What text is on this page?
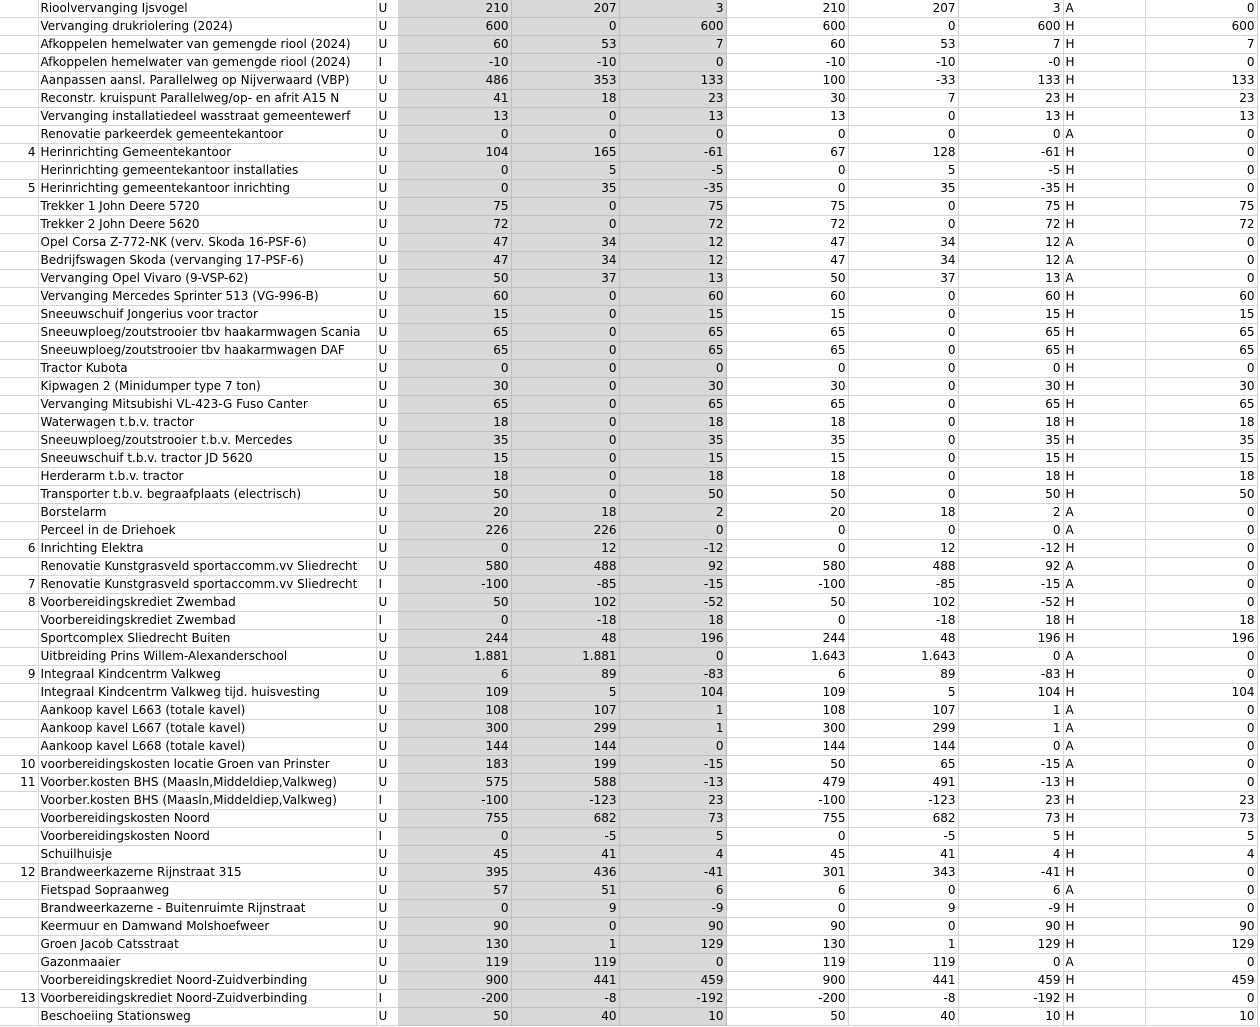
	Rioolvervanging Ijsvogel	U	210	207	3	210	207	3	A	0
	Vervanging drukriolering (2024)	U	600	0	600	600	0	600	H	600
	Afkoppelen hemelwater van gemengde riool (2024)	U	60	53	7	60	53	7	H	7
	Afkoppelen hemelwater van gemengde riool (2024)	I	-10	-10	0	-10	-10	-0	H	0
	Aanpassen aansl. Parallelweg op Nijverwaard (VBP)	U	486	353	133	100	-33	133	H	133
	Reconstr. kruispunt Parallelweg/op- en afrit A15 N	U	41	18	23	30	7	23	H	23
	Vervanging installatiedeel wasstraat gemeentewerf	U	13	0	13	13	0	13	H	13
	Renovatie parkeerdek gemeentekantoor	U	0	0	0	0	0	0	A	0
4	Herinrichting Gemeentekantoor	U	104	165	-61	67	128	-61	H	0
	Herinrichting gemeentekantoor installaties	U	0	5	-5	0	5	-5	H	0
5	Herinrichting gemeentekantoor inrichting	U	0	35	-35	0	35	-35	H	0
	Trekker 1 John Deere 5720	U	75	0	75	75	0	75	H	75
	Trekker 2 John Deere 5620	U	72	0	72	72	0	72	H	72
	Opel Corsa Z-772-NK (verv. Skoda 16-PSF-6)	U	47	34	12	47	34	12	A	0
	Bedrijfswagen Skoda (vervanging 17-PSF-6)	U	47	34	12	47	34	12	A	0
	Vervanging Opel Vivaro (9-VSP-62)	U	50	37	13	50	37	13	A	0
	Vervanging Mercedes Sprinter 513 (VG-996-B)	U	60	0	60	60	0	60	H	60
	Sneeuwschuif Jongerius voor tractor	U	15	0	15	15	0	15	H	15
	Sneeuwploeg/zoutstrooier tbv haakarmwagen Scania	U	65	0	65	65	0	65	H	65
	Sneeuwploeg/zoutstrooier tbv haakarmwagen DAF	U	65	0	65	65	0	65	H	65
	Tractor Kubota	U	0	0	0	0	0	0	H	0
	Kipwagen 2 (Minidumper type 7 ton)	U	30	0	30	30	0	30	H	30
	Vervanging Mitsubishi VL-423-G Fuso Canter	U	65	0	65	65	0	65	H	65
	Waterwagen t.b.v. tractor	U	18	0	18	18	0	18	H	18
	Sneeuwploeg/zoutstrooier t.b.v. Mercedes	U	35	0	35	35	0	35	H	35
	Sneeuwschuif t.b.v. tractor JD 5620	U	15	0	15	15	0	15	H	15
	Herderarm t.b.v. tractor	U	18	0	18	18	0	18	H	18
	Transporter t.b.v. begraafplaats (electrisch)	U	50	0	50	50	0	50	H	50
	Borstelarm	U	20	18	2	20	18	2	A	0
	Perceel in de Driehoek	U	226	226	0	0	0	0	A	0
6	Inrichting Elektra	U	0	12	-12	0	12	-12	H	0
	Renovatie Kunstgrasveld sportaccomm.vv Sliedrecht	U	580	488	92	580	488	92	A	0
7	Renovatie Kunstgrasveld sportaccomm.vv Sliedrecht	I	-100	-85	-15	-100	-85	-15	A	0
8	Voorbereidingskrediet Zwembad	U	50	102	-52	50	102	-52	H	0
	Voorbereidingskrediet Zwembad	I	0	-18	18	0	-18	18	H	18
	Sportcomplex Sliedrecht Buiten	U	244	48	196	244	48	196	H	196
	Uitbreiding Prins Willem-Alexanderschool	U	1.881	1.881	0	1.643	1.643	0	A	0
9	Integraal Kindcentrm Valkweg	U	6	89	-83	6	89	-83	H	0
	Integraal Kindcentrm Valkweg tijd. huisvesting	U	109	5	104	109	5	104	H	104
	Aankoop kavel L663 (totale kavel)	U	108	107	1	108	107	1	A	0
	Aankoop kavel L667 (totale kavel)	U	300	299	1	300	299	1	A	0
	Aankoop kavel L668 (totale kavel)	U	144	144	0	144	144	0	A	0
10	voorbereidingskosten locatie Groen van Prinster	U	183	199	-15	50	65	-15	A	0
11	Voorber.kosten BHS (Maasln,Middeldiep,Valkweg)	U	575	588	-13	479	491	-13	H	0
	Voorber.kosten BHS (Maasln,Middeldiep,Valkweg)	I	-100	-123	23	-100	-123	23	H	23
	Voorbereidingskosten Noord	U	755	682	73	755	682	73	H	73
	Voorbereidingskosten Noord	I	0	-5	5	0	-5	5	H	5
	Schuilhuisje	U	45	41	4	45	41	4	H	4
12	Brandweerkazerne Rijnstraat 315	U	395	436	-41	301	343	-41	H	0
	Fietspad Sopraanweg	U	57	51	6	6	0	6	A	0
	Brandweerkazerne - Buitenruimte Rijnstraat	U	0	9	-9	0	9	-9	H	0
	Keermuur en Damwand Molshoefweer	U	90	0	90	90	0	90	H	90
	Groen Jacob Catsstraat	U	130	1	129	130	1	129	H	129
	Gazonmaaier	U	119	119	0	119	119	0	A	0
	Voorbereidingskrediet Noord-Zuidverbinding	U	900	441	459	900	441	459	H	459
13	Voorbereidingskrediet Noord-Zuidverbinding	I	-200	-8	-192	-200	-8	-192	H	0
	Beschoeiing Stationsweg	U	50	40	10	50	40	10	H	10
